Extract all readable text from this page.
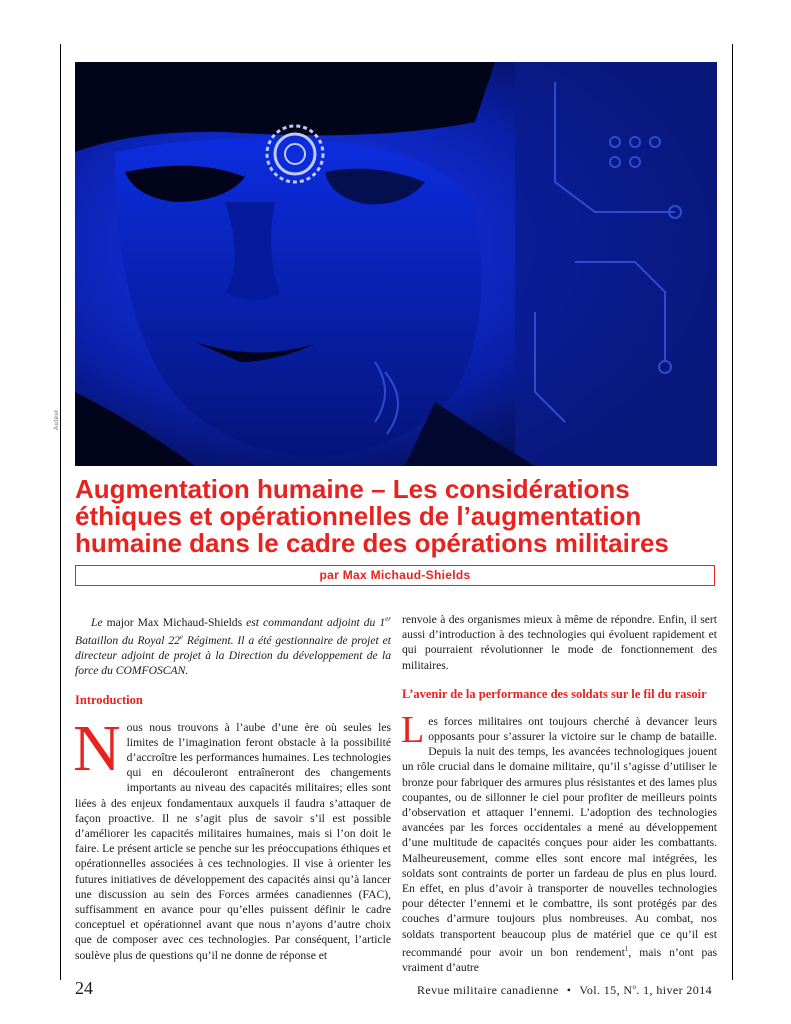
Auteur
Augmentation humaine – Les considérations éthiques et opérationnelles de l’augmentation humaine dans le cadre des opérations militaires
par Max Michaud-Shields

Le major Max Michaud-Shields est commandant adjoint du 1er Bataillon du Royal 22e Régiment. Il a été gestionnaire de projet et directeur adjoint de projet à la Direction du développement de la force du COMFOSCAN.

Introduction

Nous nous trouvons à l’aube d’une ère où seules les limites de l’imagination feront obstacle à la possibilité d’accroître les performances humaines. Les technologies qui en découleront entraîneront des changements importants au niveau des capacités militaires; elles sont liées à des enjeux fondamentaux auxquels il faudra s’attaquer de façon proactive. Il ne s’agit plus de savoir s’il est possible d’améliorer les capacités militaires humaines, mais si l’on doit le faire. Le présent article se penche sur les préoccupations éthiques et opérationnelles associées à ces technologies. Il vise à orienter les futures initiatives de développement des capacités ainsi qu’à lancer une discussion au sein des Forces armées canadiennes (FAC), suffisamment en avance pour qu’elles puissent définir le cadre conceptuel et opérationnel avant que nous n’ayons d’autre choix que de composer avec ces technologies. Par conséquent, l’article soulève plus de questions qu’il ne donne de réponse et

renvoie à des organismes mieux à même de répondre. Enfin, il sert aussi d’introduction à des technologies qui évoluent rapidement et qui pourraient révolutionner le mode de fonctionnement des militaires.

L’avenir de la performance des soldats sur le fil du rasoir

Les forces militaires ont toujours cherché à devancer leurs opposants pour s’assurer la victoire sur le champ de bataille. Depuis la nuit des temps, les avancées technologiques jouent un rôle crucial dans le domaine militaire, qu’il s’agisse d’utiliser le bronze pour fabriquer des armures plus résistantes et des lames plus coupantes, ou de sillonner le ciel pour profiter de meilleurs points d’observation et attaquer l’ennemi. L’adoption des technologies avancées par les forces occidentales a mené au développement d’une multitude de capacités conçues pour aider les combattants. Malheureusement, comme elles sont encore mal intégrées, les soldats sont contraints de porter un fardeau de plus en plus lourd. En effet, en plus d’avoir à transporter de nouvelles technologies pour détecter l’ennemi et le combattre, ils sont protégés par des couches d’armure toujours plus nombreuses. Au combat, nos soldats transportent beaucoup plus de matériel que ce qu’il est recommandé pour avoir un bon rendement$^1$, mais n’ont pas vraiment d’autre

24	Revue militaire canadienne • Vol. 15, $N^o$. 1, hiver 2014
